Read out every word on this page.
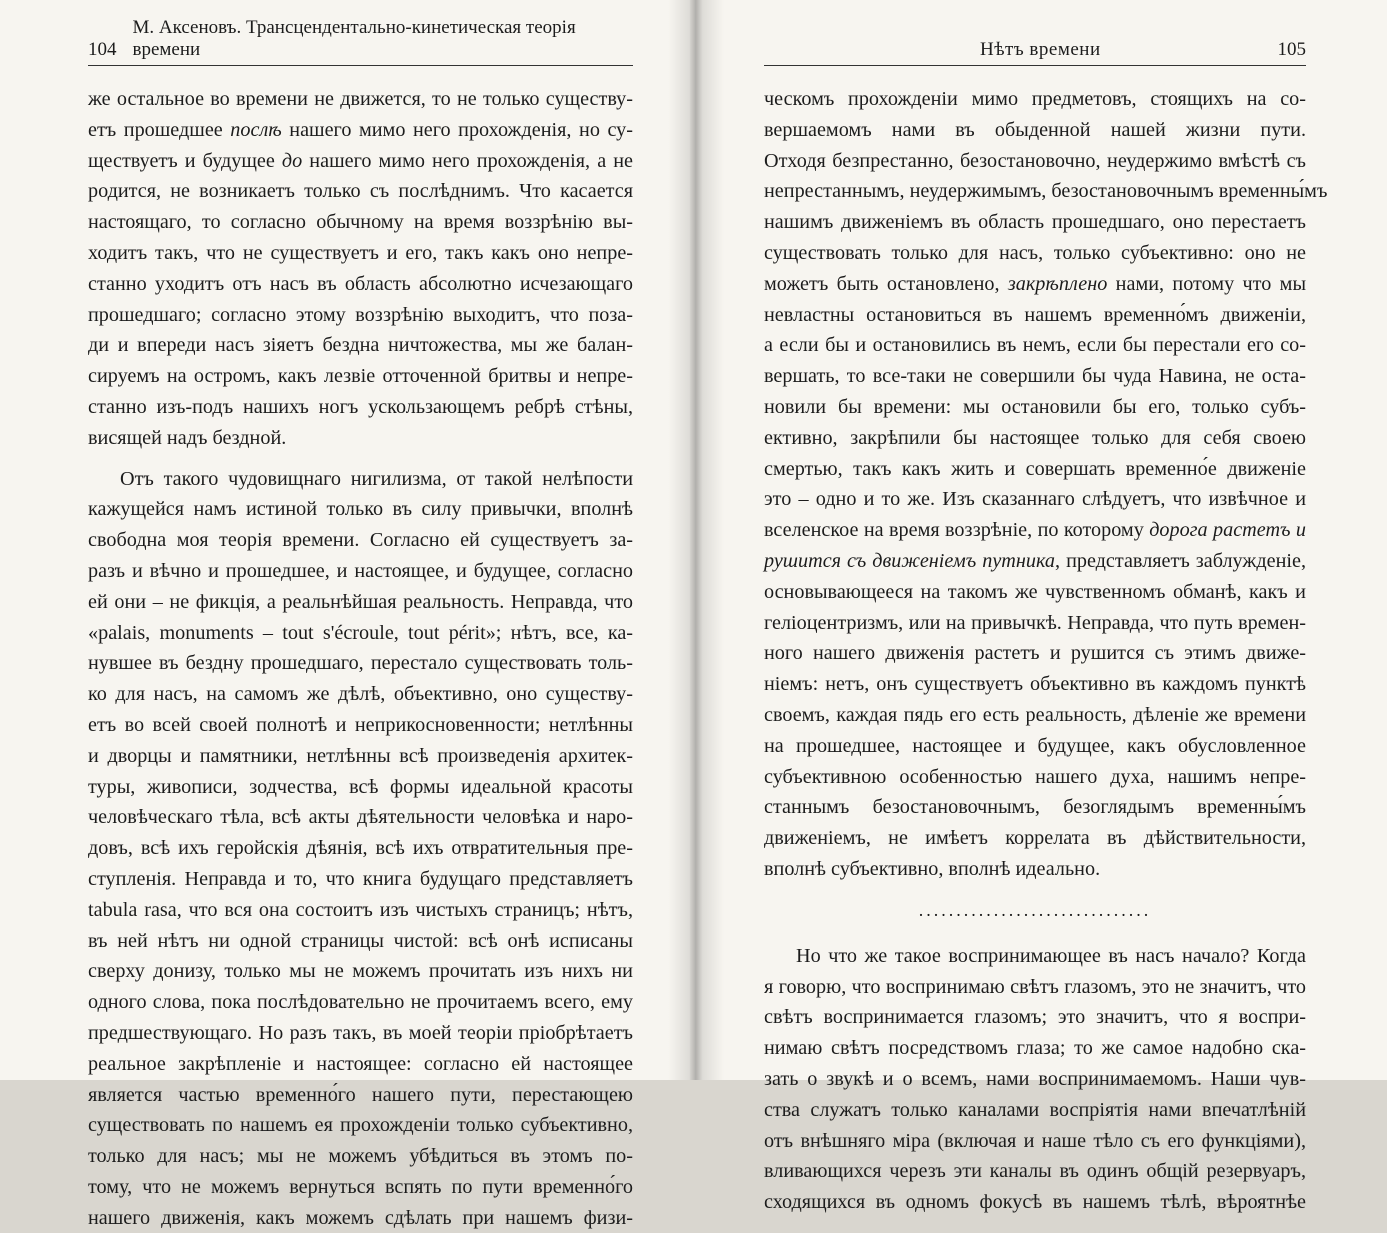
104
М. Аксеновъ. Трансцендентально-кинетическая теорія времени
же остальное во времени не движется, то не только существу-
етъ прошедшее послѣ нашего мимо него прохожденія, но су-
ществуетъ и будущее до нашего мимо него прохожденія, а не
родится, не возникаетъ только съ послѣднимъ. Что касается
настоящаго, то согласно обычному на время воззрѣнію вы-
ходитъ такъ, что не существуетъ и его, такъ какъ оно непре-
станно уходитъ отъ насъ въ область абсолютно исчезающаго
прошедшаго; согласно этому воззрѣнію выходитъ, что поза-
ди и впереди насъ зіяетъ бездна ничтожества, мы же балан-
сируемъ на остромъ, какъ лезвіе отточенной бритвы и непре-
станно изъ-подъ нашихъ ногъ ускользающемъ ребрѣ стѣны,
висящей надъ бездной.
Отъ такого чудовищнаго нигилизма, от такой нелѣпости
кажущейся намъ истиной только въ силу привычки, вполнѣ
свободна моя теорія времени. Согласно ей существуетъ за-
разъ и вѣчно и прошедшее, и настоящее, и будущее, согласно
ей они – не фикція, а реальнѣйшая реальность. Неправда, что
«palais, monuments – tout s'écroule, tout périt»; нѣтъ, все, ка-
нувшее въ бездну прошедшаго, перестало существовать толь-
ко для насъ, на самомъ же дѣлѣ, объективно, оно существу-
етъ во всей своей полнотѣ и неприкосновенности; нетлѣнны
и дворцы и памятники, нетлѣнны всѣ произведенія архитек-
туры, живописи, зодчества, всѣ формы идеальной красоты
человѣческаго тѣла, всѣ акты дѣятельности человѣка и наро-
довъ, всѣ ихъ геройскія дѣянія, всѣ ихъ отвратительныя пре-
ступленія. Неправда и то, что книга будущаго представляетъ
tabula rasa, что вся она состоитъ изъ чистыхъ страницъ; нѣтъ,
въ ней нѣтъ ни одной страницы чистой: всѣ онѣ исписаны
сверху донизу, только мы не можемъ прочитать изъ нихъ ни
одного слова, пока послѣдовательно не прочитаемъ всего, ему
предшествующаго. Но разъ такъ, въ моей теоріи пріобрѣтаетъ
реальное закрѣпленіе и настоящее: согласно ей настоящее
является частью временно́го нашего пути, перестающею
существовать по нашемъ ея прохожденіи только субъективно,
только для насъ; мы не можемъ убѣдиться въ этомъ по-
тому, что не можемъ вернуться вспять по пути временно́го
нашего движенія, какъ можемъ сдѣлать при нашемъ физи-
Нѣтъ времени	105
ческомъ прохожденіи мимо предметовъ, стоящихъ на со-
вершаемомъ нами въ обыденной нашей жизни пути.
Отходя безпрестанно, безостановочно, неудержимо вмѣстѣ съ
непрестаннымъ, неудержимымъ, безостановочнымъ временны́мъ
нашимъ движеніемъ въ область прошедшаго, оно перестаетъ
существовать только для насъ, только субъективно: оно не
можетъ быть остановлено, закрѣплено нами, потому что мы
невластны остановиться въ нашемъ временно́мъ движеніи,
а если бы и остановились въ немъ, если бы перестали его со-
вершать, то все-таки не совершили бы чуда Навина, не оста-
новили бы времени: мы остановили бы его, только субъ-
ективно, закрѣпили бы настоящее только для себя своею
смертью, такъ какъ жить и совершать временно́е движеніе
это – одно и то же. Изъ сказаннаго слѣдуетъ, что извѣчное и
вселенское на время воззрѣніе, по которому дорога растетъ и
рушится съ движеніемъ путника, представляетъ заблужденіе,
основывающееся на такомъ же чувственномъ обманѣ, какъ и
геліоцентризмъ, или на привычкѣ. Неправда, что путь времен-
ного нашего движенія растетъ и рушится съ этимъ движе-
ніемъ: нетъ, онъ существуетъ объективно въ каждомъ пунктѣ
своемъ, каждая пядь его есть реальность, дѣленіе же времени
на прошедшее, настоящее и будущее, какъ обусловленное
субъективною особенностью нашего духа, нашимъ непре-
станнымъ безостановочнымъ, безоглядымъ временны́мъ
движеніемъ, не имѣетъ коррелата въ дѣйствительности,
вполнѣ субъективно, вполнѣ идеально.
...............................
Но что же такое воспринимающее въ насъ начало? Когда
я говорю, что воспринимаю свѣтъ глазомъ, это не значитъ, что
свѣтъ воспринимается глазомъ; это значитъ, что я воспри-
нимаю свѣтъ посредствомъ глаза; то же самое надобно ска-
зать о звукѣ и о всемъ, нами воспринимаемомъ. Наши чув-
ства служатъ только каналами воспріятія нами впечатлѣній
отъ внѣшняго міра (включая и наше тѣло съ его функціями),
вливающихся черезъ эти каналы въ одинъ общій резервуаръ,
сходящихся въ одномъ фокусѣ въ нашемъ тѣлѣ, вѣроятнѣе
